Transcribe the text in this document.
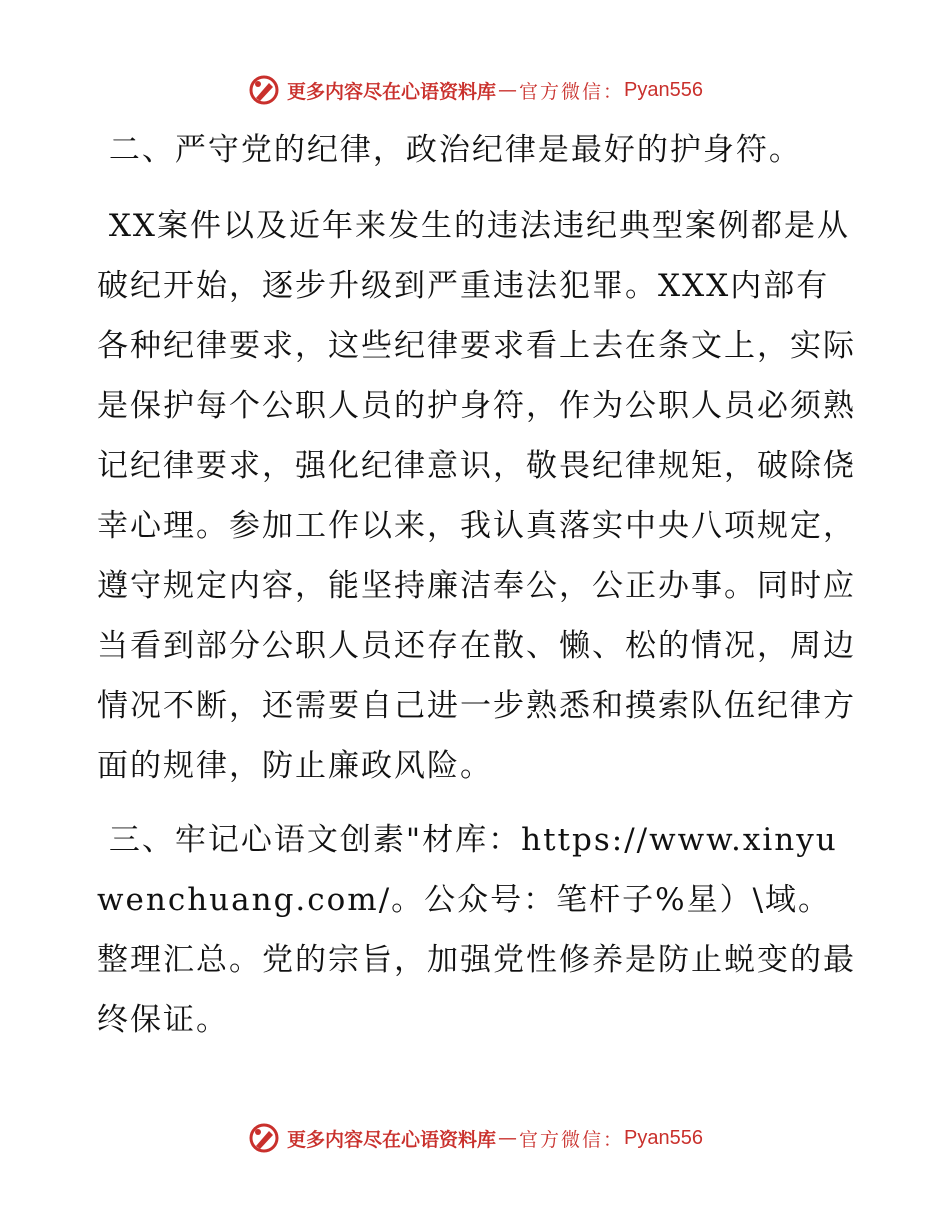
更多内容尽在心语资料库 — 官方微信： Pyan556

二、严守党的纪律，政治纪律是最好的护身符。

XX案件以及近年来发生的违法违纪典型案例都是从破纪开始，逐步升级到严重违法犯罪。XXX内部有各种纪律要求，这些纪律要求看上去在条文上，实际是保护每个公职人员的护身符，作为公职人员必须熟记纪律要求，强化纪律意识，敬畏纪律规矩，破除侥幸心理。参加工作以来，我认真落实中央八项规定，遵守规定内容，能坚持廉洁奉公，公正办事。同时应当看到部分公职人员还存在散、懒、松的情况，周边情况不断，还需要自己进一步熟悉和摸索队伍纪律方面的规律，防止廉政风险。

三、牢记心语文创素"材库：https://www.xinyuwenchuang.com/。公众号：笔杆子%星）\域。整理汇总。党的宗旨，加强党性修养是防止蜕变的最终保证。

更多内容尽在心语资料库 — 官方微信： Pyan556
